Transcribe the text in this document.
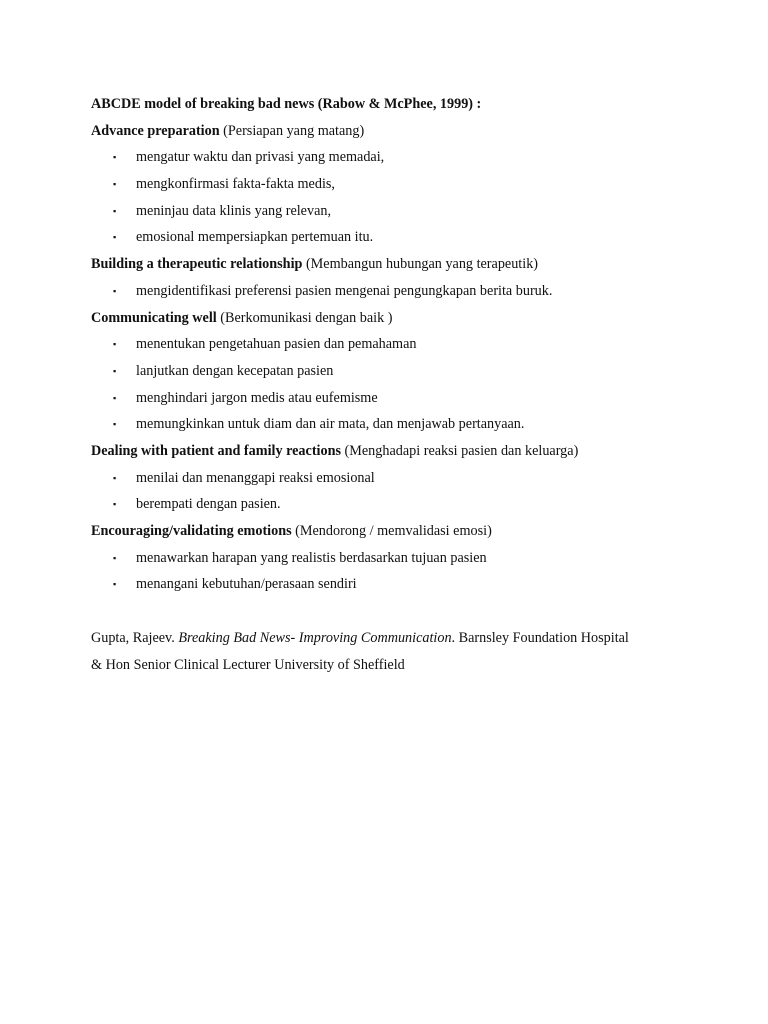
ABCDE model of breaking bad news (Rabow & McPhee, 1999) :
Advance preparation (Persiapan yang matang)
▪ mengatur waktu dan privasi yang memadai,
▪ mengkonfirmasi fakta-fakta medis,
▪ meninjau data klinis yang relevan,
▪ emosional mempersiapkan pertemuan itu.
Building a therapeutic relationship (Membangun hubungan yang terapeutik)
▪ mengidentifikasi preferensi pasien mengenai pengungkapan berita buruk.
Communicating well (Berkomunikasi dengan baik )
▪ menentukan pengetahuan pasien dan pemahaman
▪ lanjutkan dengan kecepatan pasien
▪ menghindari jargon medis atau eufemisme
▪ memungkinkan untuk diam dan air mata, dan menjawab pertanyaan.
Dealing with patient and family reactions (Menghadapi reaksi pasien dan keluarga)
▪ menilai dan menanggapi reaksi emosional
▪ berempati dengan pasien.
Encouraging/validating emotions (Mendorong / memvalidasi emosi)
▪ menawarkan harapan yang realistis berdasarkan tujuan pasien
▪ menangani kebutuhan/perasaan sendiri
Gupta, Rajeev. Breaking Bad News- Improving Communication. Barnsley Foundation Hospital
& Hon Senior Clinical Lecturer University of Sheffield
